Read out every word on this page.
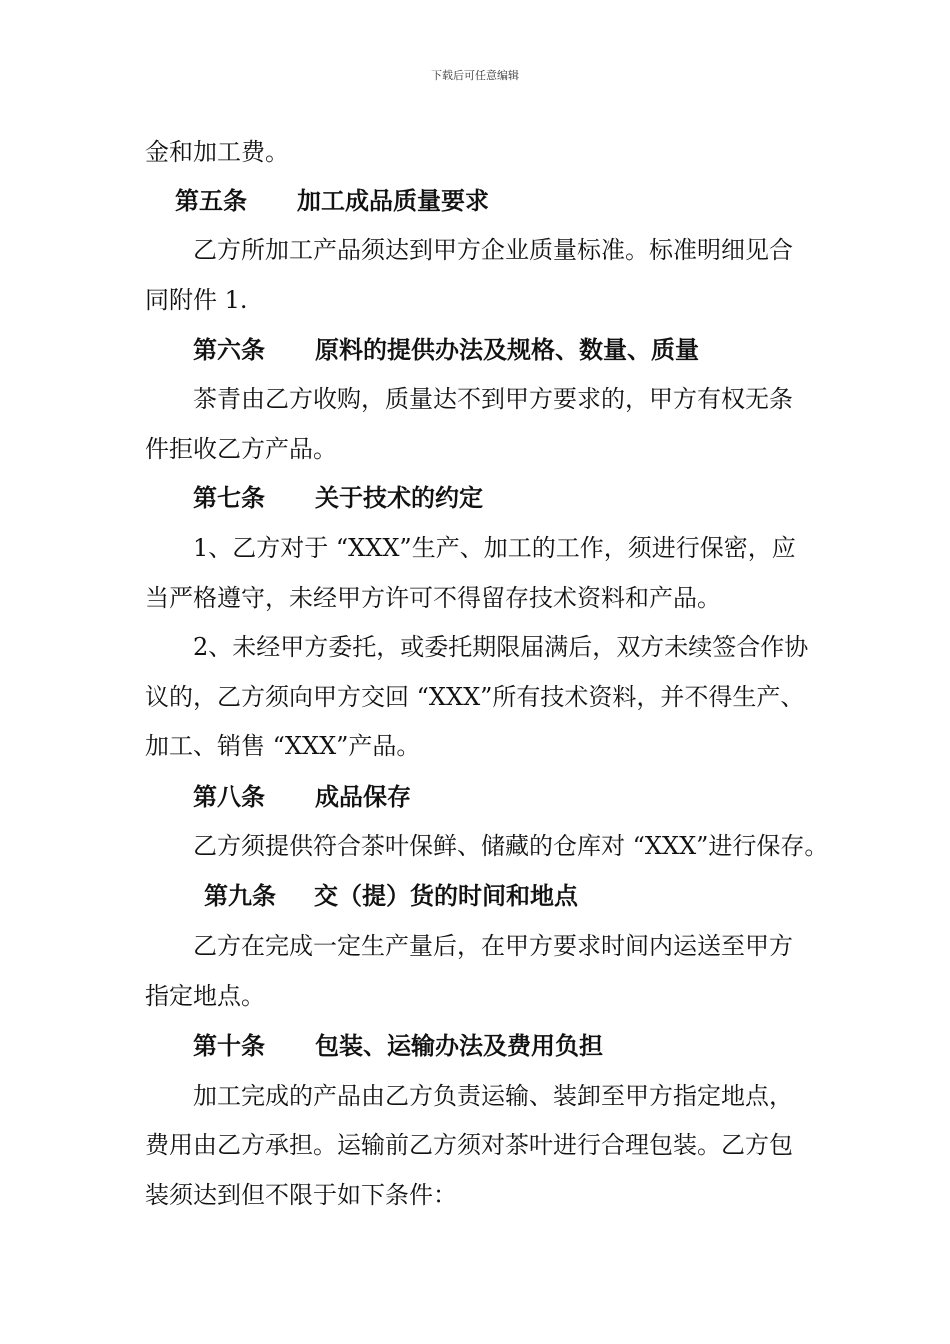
下载后可任意编辑
金和加工费。
第五条 加工成品质量要求
乙方所加工产品须达到甲方企业质量标准。标准明细见合
同附件 1.
第六条 原料的提供办法及规格、数量、质量
茶青由乙方收购，质量达不到甲方要求的，甲方有权无条
件拒收乙方产品。
第七条 关于技术的约定
1、乙方对于 “XXX”生产、加工的工作，须进行保密，应
当严格遵守，未经甲方许可不得留存技术资料和产品。
2、未经甲方委托，或委托期限届满后，双方未续签合作协
议的，乙方须向甲方交回 “XXX”所有技术资料，并不得生产、
加工、销售 “XXX”产品。
第八条 成品保存
乙方须提供符合茶叶保鲜、储藏的仓库对 “XXX”进行保存。
第九条 交（提）货的时间和地点
乙方在完成一定生产量后，在甲方要求时间内运送至甲方
指定地点。
第十条 包装、运输办法及费用负担
加工完成的产品由乙方负责运输、装卸至甲方指定地点，
费用由乙方承担。运输前乙方须对茶叶进行合理包装。乙方包
装须达到但不限于如下条件：
